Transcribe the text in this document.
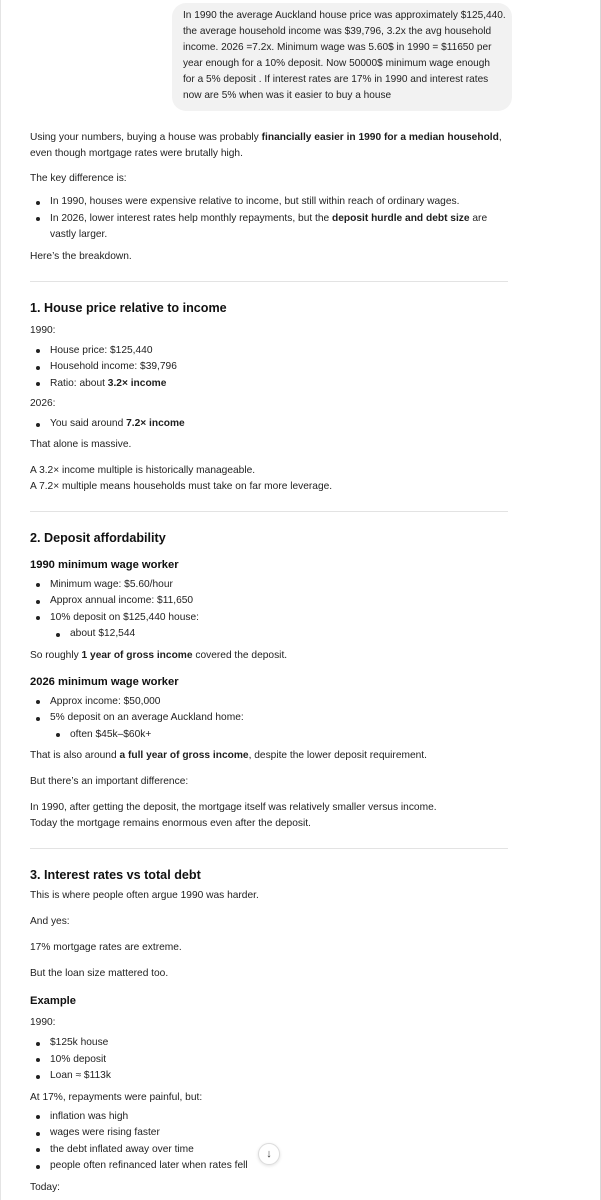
In 1990 the average Auckland house price was approximately $125,440.
the average household income was $39,796, 3.2x the avg household
income. 2026 =7.2x. Minimum wage was 5.60$ in 1990 = $11650 per
year enough for a 10% deposit. Now 50000$ minimum wage enough
for a 5% deposit . If interest rates are 17% in 1990 and interest rates
now are 5% when was it easier to buy a house

Using your numbers, buying a house was probably financially easier in 1990 for a median household, even though mortgage rates were brutally high.

The key difference is:

In 1990, houses were expensive relative to income, but still within reach of ordinary wages.
In 2026, lower interest rates help monthly repayments, but the deposit hurdle and debt size are vastly larger.

Here’s the breakdown.

1. House price relative to income

1990:

House price: $125,440
Household income: $39,796
Ratio: about 3.2× income

2026:

You said around 7.2× income

That alone is massive.

A 3.2× income multiple is historically manageable.

A 7.2× multiple means households must take on far more leverage.

2. Deposit affordability
1990 minimum wage worker
Minimum wage: $5.60/hour
Approx annual income: $11,650
10% deposit on $125,440 house:
about $12,544

So roughly 1 year of gross income covered the deposit.

2026 minimum wage worker
Approx income: $50,000
5% deposit on an average Auckland home:
often $45k–$60k+

That is also around a full year of gross income, despite the lower deposit requirement.

But there’s an important difference:

In 1990, after getting the deposit, the mortgage itself was relatively smaller versus income.

Today the mortgage remains enormous even after the deposit.

3. Interest rates vs total debt

This is where people often argue 1990 was harder.

And yes:

17% mortgage rates are extreme.

But the loan size mattered too.

Example

1990:

$125k house
10% deposit
Loan ≈ $113k

At 17%, repayments were painful, but:

inflation was high
wages were rising faster
the debt inflated away over time
people often refinanced later when rates fell

Today:

↓
